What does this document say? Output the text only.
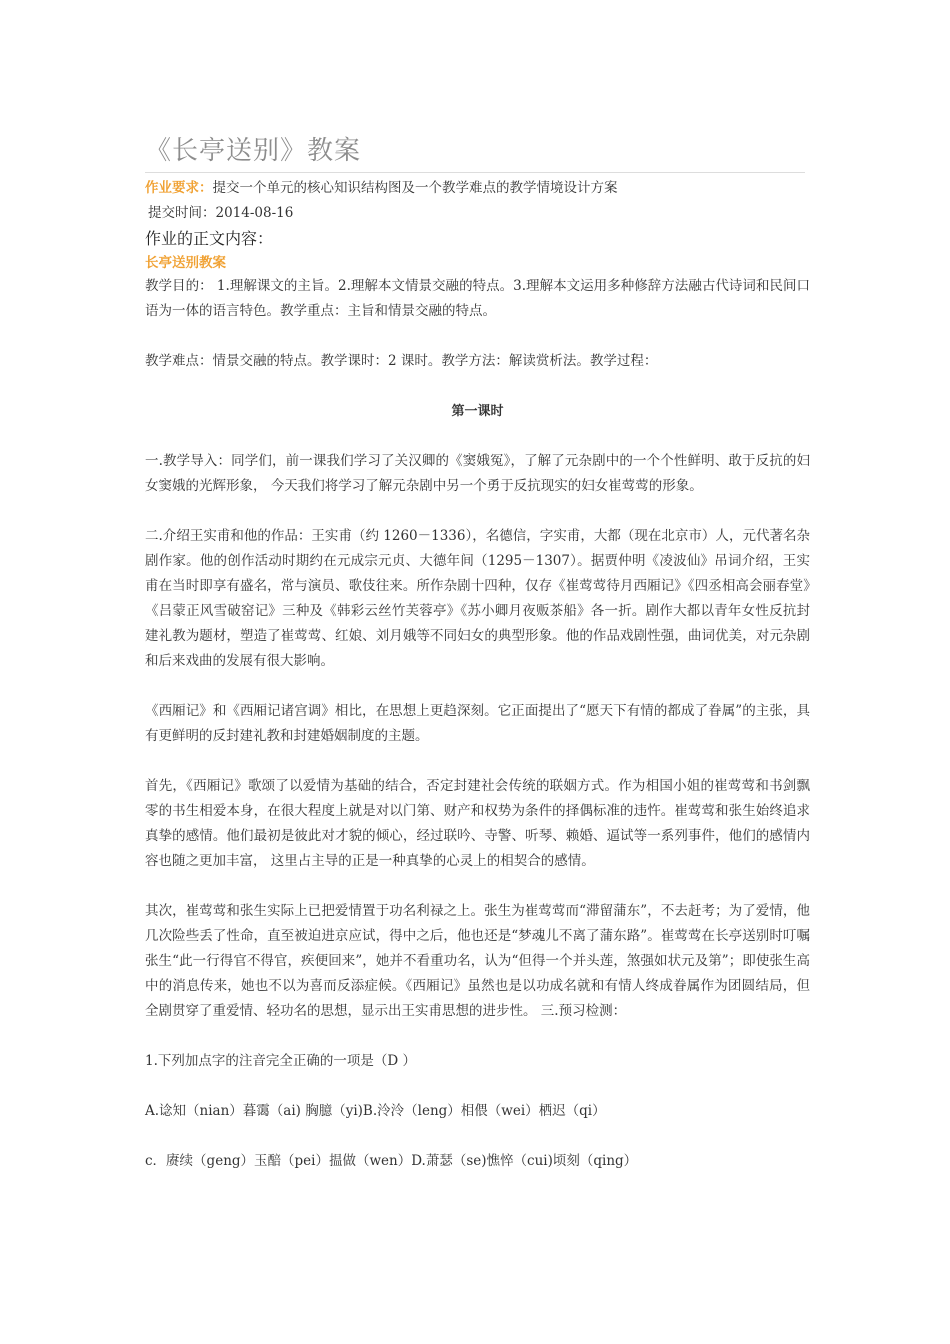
《长亭送别》教案
作业要求：提交一个单元的核心知识结构图及一个教学难点的教学情境设计方案
提交时间：2014-08-16
作业的正文内容：
长亭送别教案

教学目的： 1.理解课文的主旨。2.理解本文情景交融的特点。3.理解本文运用多种修辞方法融古代诗词和民间口语为一体的语言特色。教学重点：主旨和情景交融的特点。

教学难点：情景交融的特点。教学课时：2 课时。教学方法：解读赏析法。教学过程：

第一课时

一.教学导入：同学们，前一课我们学习了关汉卿的《窦娥冤》，了解了元杂剧中的一个个性鲜明、敢于反抗的妇女窦娥的光辉形象， 今天我们将学习了解元杂剧中另一个勇于反抗现实的妇女崔莺莺的形象。

二.介绍王实甫和他的作品：王实甫（约 1260－1336），名德信，字实甫，大都（现在北京市）人，元代著名杂剧作家。他的创作活动时期约在元成宗元贞、大德年间（1295－1307）。据贾仲明《凌波仙》吊词介绍，王实甫在当时即享有盛名，常与演员、歌伎往来。所作杂剧十四种，仅存《崔莺莺待月西厢记》《四丞相高会丽春堂》《吕蒙正风雪破窑记》三种及《韩彩云丝竹芙蓉亭》《苏小卿月夜贩茶船》各一折。剧作大都以青年女性反抗封建礼教为题材，塑造了崔莺莺、红娘、刘月娥等不同妇女的典型形象。他的作品戏剧性强，曲词优美，对元杂剧和后来戏曲的发展有很大影响。

《西厢记》和《西厢记诸宫调》相比，在思想上更趋深刻。它正面提出了“愿天下有情的都成了眷属”的主张，具有更鲜明的反封建礼教和封建婚姻制度的主题。

首先，《西厢记》歌颂了以爱情为基础的结合，否定封建社会传统的联姻方式。作为相国小姐的崔莺莺和书剑飘零的书生相爱本身，在很大程度上就是对以门第、财产和权势为条件的择偶标准的违忤。崔莺莺和张生始终追求真挚的感情。他们最初是彼此对才貌的倾心，经过联吟、寺警、听琴、赖婚、逼试等一系列事件，他们的感情内容也随之更加丰富， 这里占主导的正是一种真挚的心灵上的相契合的感情。

其次，崔莺莺和张生实际上已把爱情置于功名利禄之上。张生为崔莺莺而“滞留蒲东”，不去赶考；为了爱情，他几次险些丢了性命，直至被迫进京应试，得中之后，他也还是“梦魂儿不离了蒲东路”。崔莺莺在长亭送别时叮嘱张生“此一行得官不得官，疾便回来”，她并不看重功名，认为“但得一个并头莲，煞强如状元及第”；即使张生高中的消息传来，她也不以为喜而反添症候。《西厢记》虽然也是以功成名就和有情人终成眷属作为团圆结局，但全剧贯穿了重爱情、轻功名的思想，显示出王实甫思想的进步性。 三.预习检测：

1.下列加点字的注音完全正确的一项是（D ）

A.谂知（nian）暮霭（ai) 胸臆（yi)B.泠泠（leng）相偎（wei）栖迟（qi）

c．赓续（geng）玉醅（pei）揾做（wen）D.萧瑟（se)憔悴（cui)顷刻（qing）
